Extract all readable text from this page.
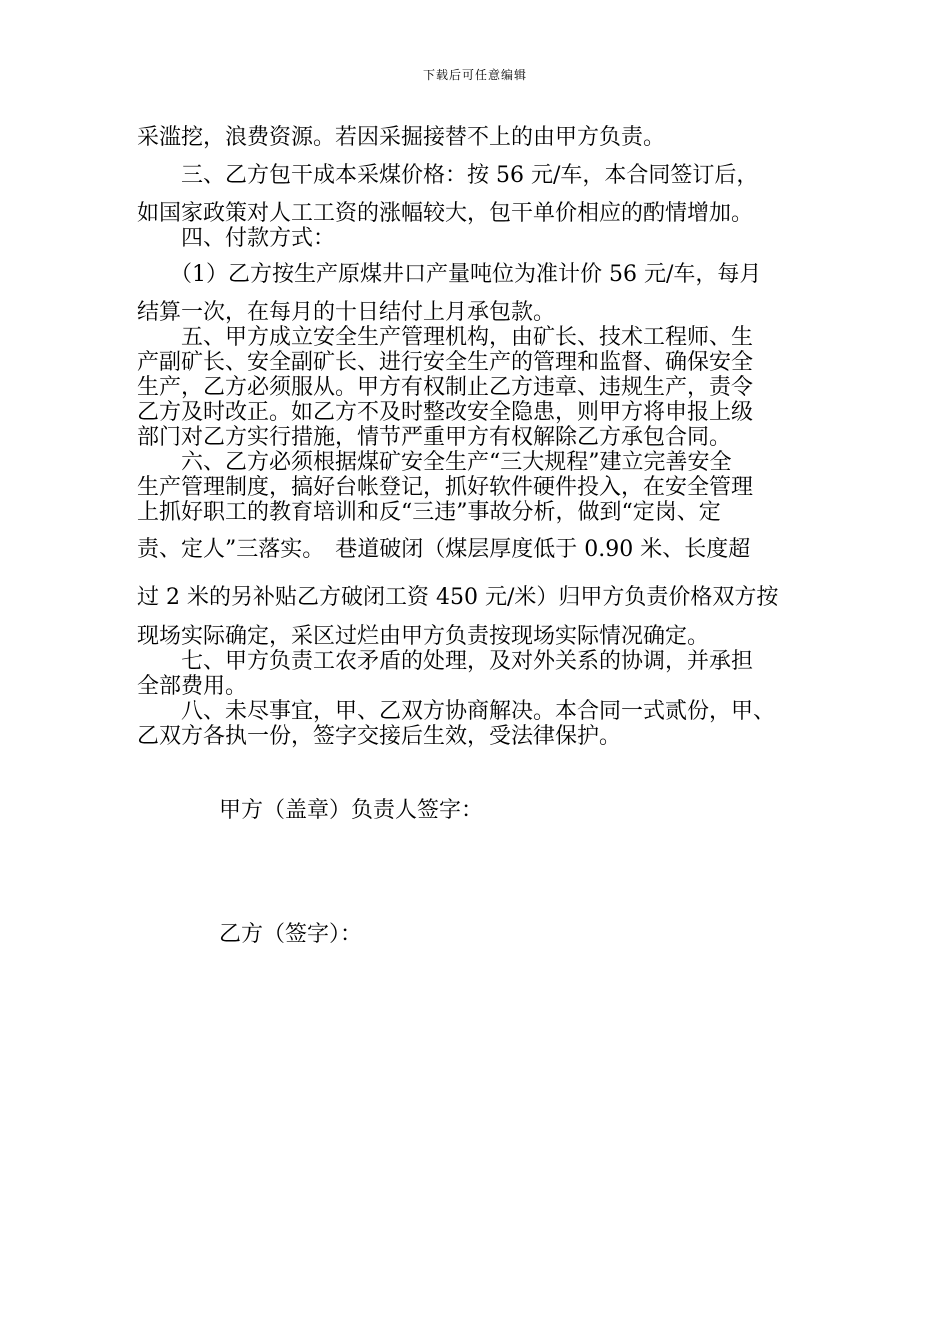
下载后可任意编辑
采滥挖，浪费资源。若因采掘接替不上的由甲方负责。
　　三、乙方包干成本采煤价格：按 56 元/车，本合同签订后，
如国家政策对人工工资的涨幅较大，包干单价相应的酌情增加。
　　四、付款方式：
　　（1）乙方按生产原煤井口产量吨位为准计价 56 元/车，每月
结算一次，在每月的十日结付上月承包款。
　　五、甲方成立安全生产管理机构，由矿长、技术工程师、生
产副矿长、安全副矿长、进行安全生产的管理和监督、确保安全
生产，乙方必须服从。甲方有权制止乙方违章、违规生产，责令
乙方及时改正。如乙方不及时整改安全隐患，则甲方将申报上级
部门对乙方实行措施，情节严重甲方有权解除乙方承包合同。
　　六、乙方必须根据煤矿安全生产“三大规程”建立完善安全
生产管理制度，搞好台帐登记，抓好软件硬件投入，在安全管理
上抓好职工的教育培训和反“三违”事故分析，做到“定岗、定
责、定人”三落实。　巷道破闭（煤层厚度低于 0.90 米、长度超
过 2 米的另补贴乙方破闭工资 450 元/米）归甲方负责价格双方按
现场实际确定，采区过烂由甲方负责按现场实际情况确定。
　　七、甲方负责工农矛盾的处理，及对外关系的协调，并承担
全部费用。
　　八、未尽事宜，甲、乙双方协商解决。本合同一式贰份，甲、
乙双方各执一份，签字交接后生效，受法律保护。
甲方（盖章）负责人签字：
乙方（签字）：
